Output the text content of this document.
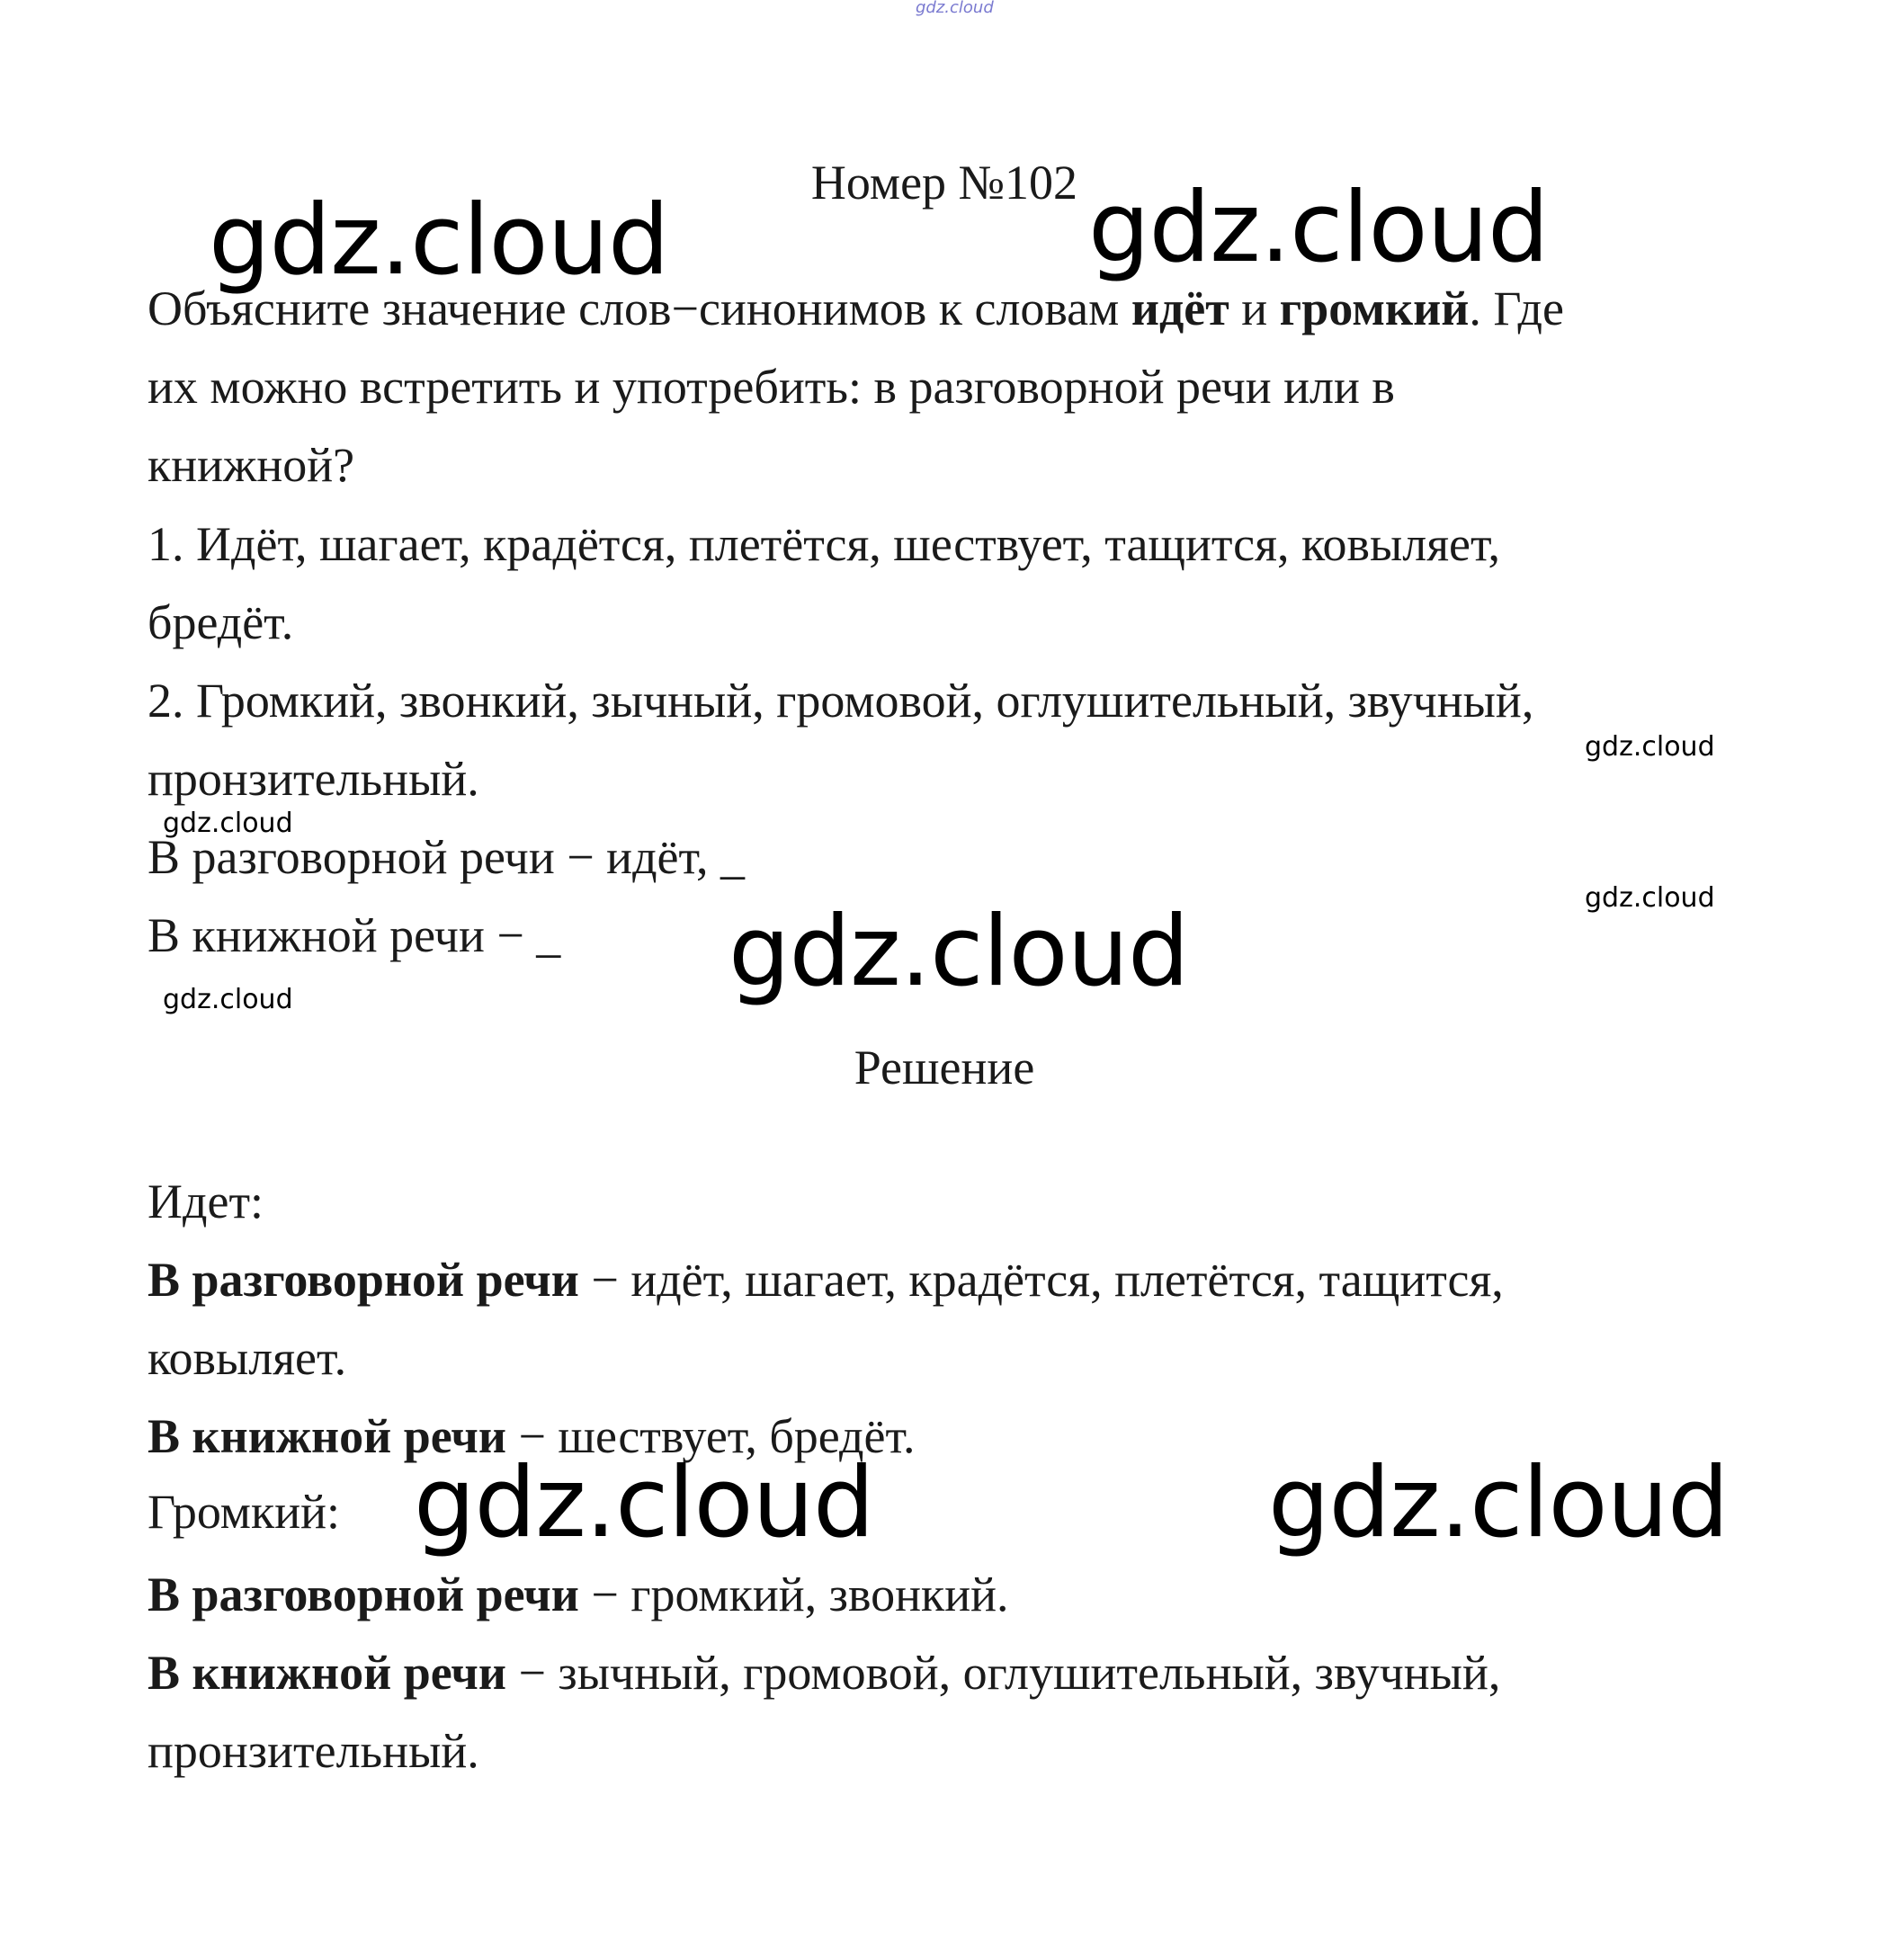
gdz.cloud
Номер №102
gdz.cloud	gdz.cloud
Объясните значение слов−синонимов к словам идёт и громкий. Где
их можно встретить и употребить: в разговорной речи или в
книжной?
1. Идёт, шагает, крадётся, плетётся, шествует, тащится, ковыляет,
бредёт.
2. Громкий, звонкий, зычный, громовой, оглушительный, звучный,
пронзительный.
gdz.cloud
gdz.cloud
В разговорной речи − идёт, _
gdz.cloud
В книжной речи − _
gdz.cloud	gdz.cloud
Решение
Идет:
В разговорной речи − идёт, шагает, крадётся, плетётся, тащится,
ковыляет.
В книжной речи − шествует, бредёт.
Громкий: gdz.cloud	gdz.cloud
В разговорной речи − громкий, звонкий.
В книжной речи − зычный, громовой, оглушительный, звучный,
пронзительный.
